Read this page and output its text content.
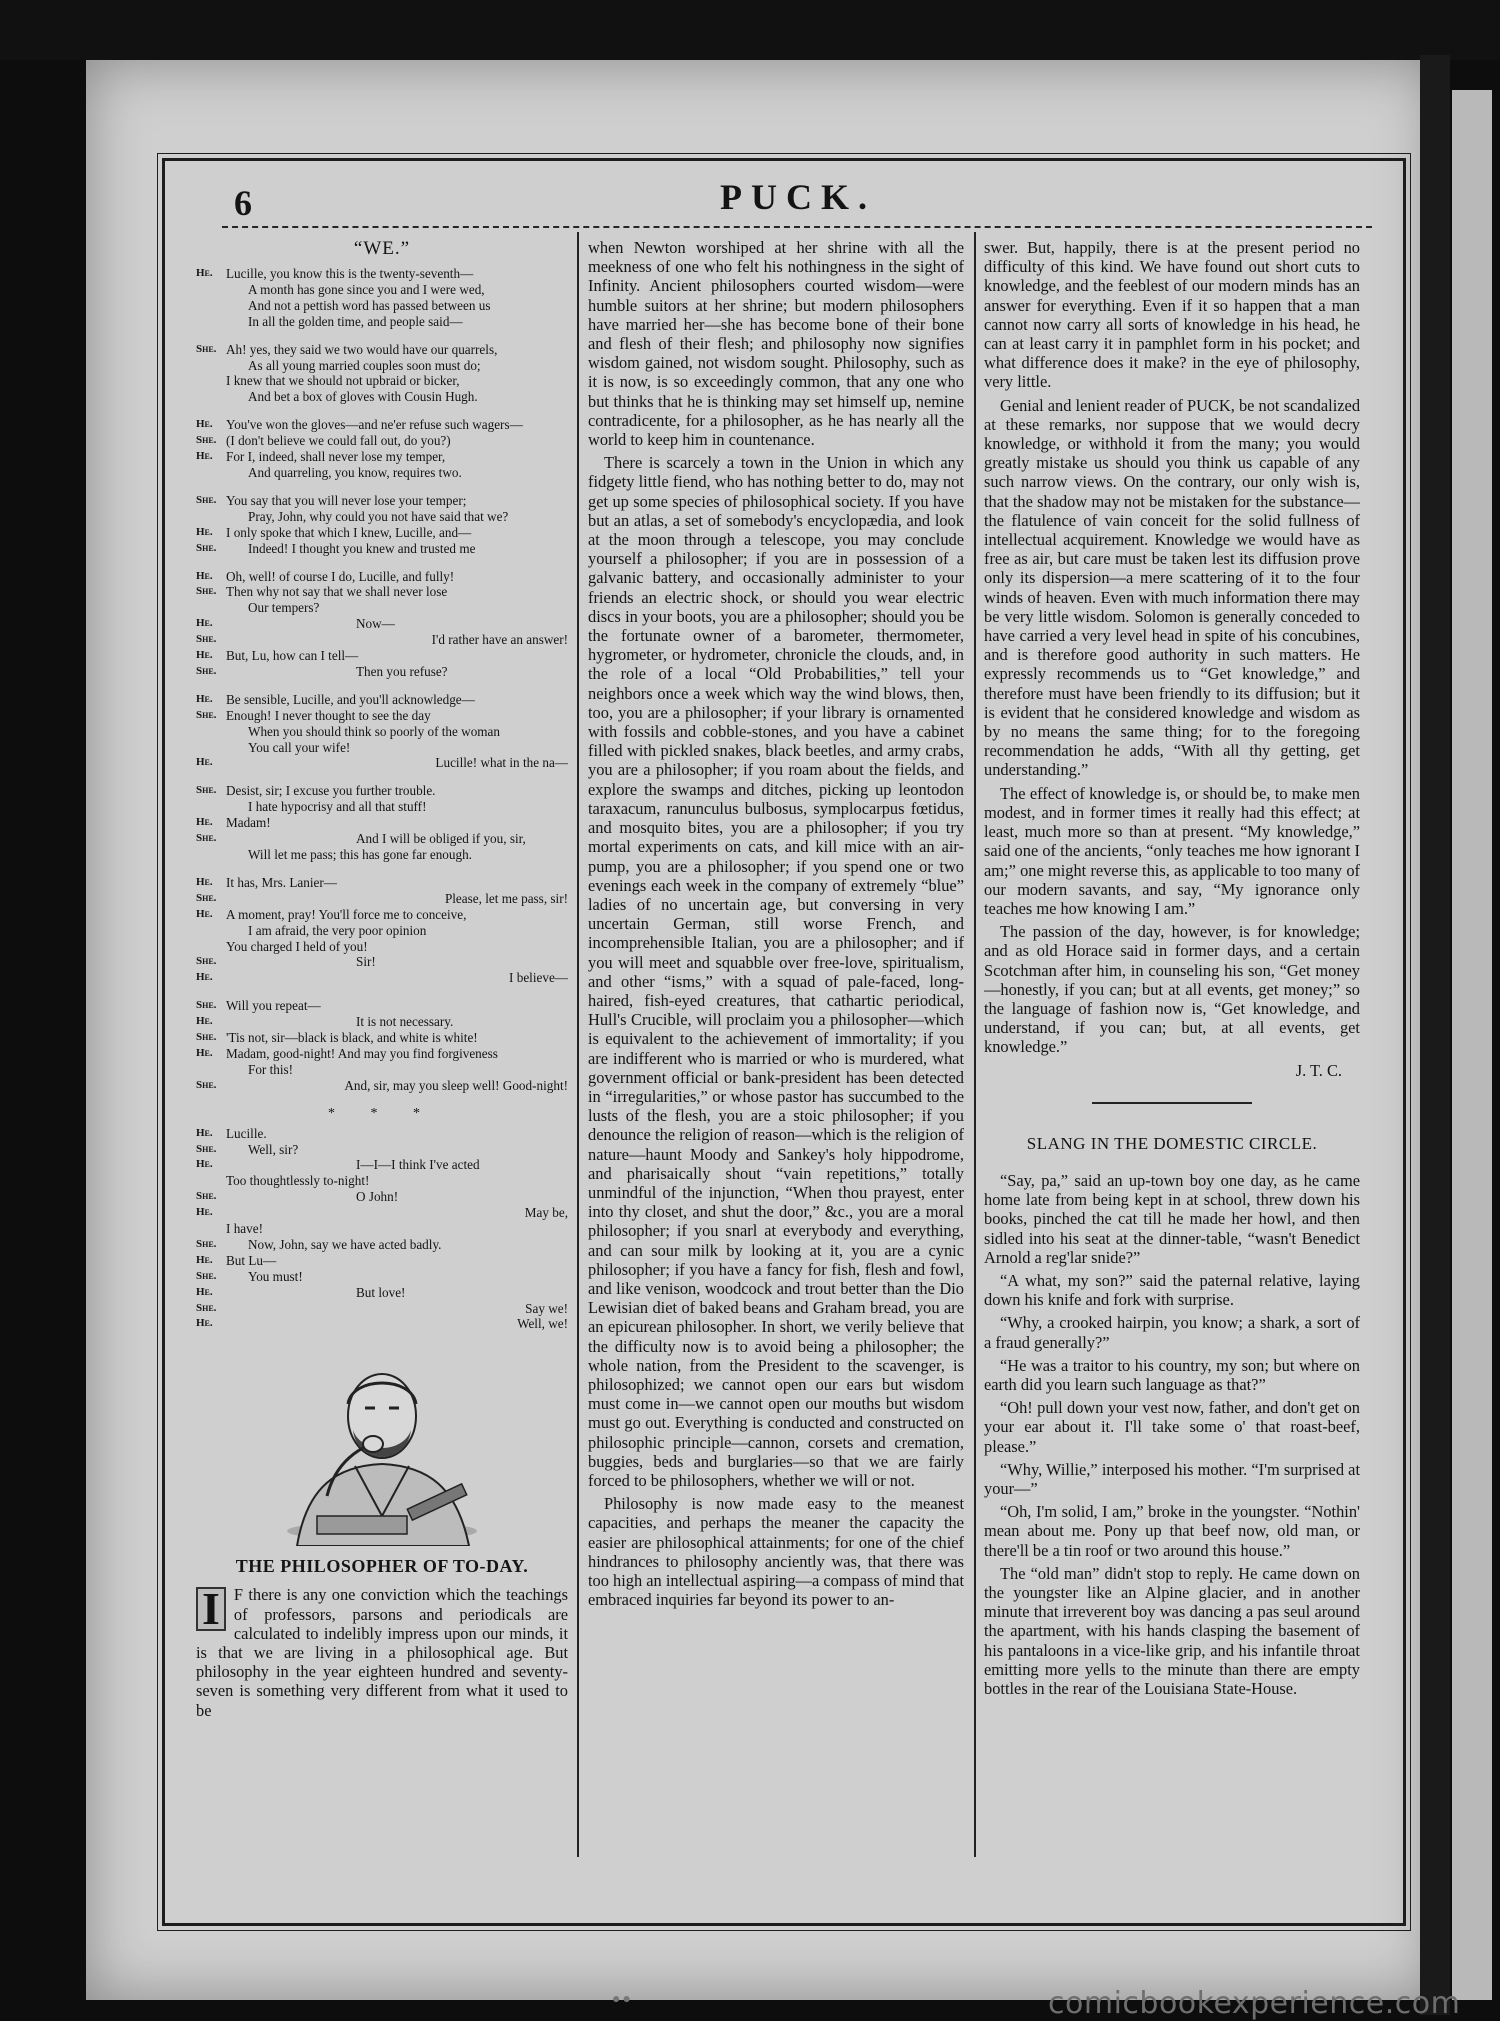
6	PUCK.
“WE.”
He.	Lucille, you know this is the twenty-seventh—
A month has gone since you and I were wed,
And not a pettish word has passed between us
In all the golden time, and people said—
She. Ah! yes, they said we two would have our quarrels,
As all young married couples soon must do;
I knew that we should not upbraid or bicker,
And bet a box of gloves with Cousin Hugh.
He.	You've won the gloves—and ne'er refuse such wagers—
She. (I don't believe we could fall out, do you?)
He.	For I, indeed, shall never lose my temper,
And quarreling, you know, requires two.
She. You say that you will never lose your temper;
Pray, John, why could you not have said that we?
He.	I only spoke that which I knew, Lucille, and—
She.	Indeed! I thought you knew and trusted me
He.	Oh, well! of course I do, Lucille, and fully!
She. Then why not say that we shall never lose
Our tempers?
He.	Now—
She.	I'd rather have an answer!
He.	But, Lu, how can I tell—
She.	Then you refuse?
He.	Be sensible, Lucille, and you'll acknowledge—
She. Enough! I never thought to see the day
When you should think so poorly of the woman
You call your wife!
He.	Lucille! what in the na—
She. Desist, sir; I excuse you further trouble.
I hate hypocrisy and all that stuff!
He.	Madam!
She.	And I will be obliged if you, sir,
Will let me pass; this has gone far enough.
He.	It has, Mrs. Lanier—
She.	Please, let me pass, sir!
He.	A moment, pray! You'll force me to conceive,
I am afraid, the very poor opinion
You charged I held of you!
She.	Sir!
He.	I believe—
She. Will you repeat—
He.	It is not necessary.
She. 'Tis not, sir—black is black, and white is white!
He.	Madam, good-night! And may you find forgiveness
For this!
She.	And, sir, may you sleep well! Good-night!
* * *
He.	Lucille.
She.	Well, sir?
He.	I—I—I think I've acted
Too thoughtlessly to-night!
She.	O John!
He.	May be,
I have!
She.	Now, John, say we have acted badly.
He.	But Lu—
She.	You must!
He.	But love!
She.	Say we!
He.	Well, we!
THE PHILOSOPHER OF TO-DAY.

I F there is any one conviction which the teachings of professors, parsons and periodicals are calculated to indelibly impress upon our minds, it is that we are living in a philosophical age. But philosophy in the year eighteen hundred and seventy-seven is something very different from what it used to be

when Newton worshiped at her shrine with all the meekness of one who felt his nothingness in the sight of Infinity. Ancient philosophers courted wisdom—were humble suitors at her shrine; but modern philosophers have married her—she has become bone of their bone and flesh of their flesh; and philosophy now signifies wisdom gained, not wisdom sought. Philosophy, such as it is now, is so exceedingly common, that any one who but thinks that he is thinking may set himself up, nemine contradicente, for a philosopher, as he has nearly all the world to keep him in countenance.

There is scarcely a town in the Union in which any fidgety little fiend, who has nothing better to do, may not get up some species of philosophical society. If you have but an atlas, a set of somebody's encyclopædia, and look at the moon through a telescope, you may conclude yourself a philosopher; if you are in possession of a galvanic battery, and occasionally administer to your friends an electric shock, or should you wear electric discs in your boots, you are a philosopher; should you be the fortunate owner of a barometer, thermometer, hygrometer, or hydrometer, chronicle the clouds, and, in the role of a local “Old Probabilities,” tell your neighbors once a week which way the wind blows, then, too, you are a philosopher; if your library is ornamented with fossils and cobble-stones, and you have a cabinet filled with pickled snakes, black beetles, and army crabs, you are a philosopher; if you roam about the fields, and explore the swamps and ditches, picking up leontodon taraxacum, ranunculus bulbosus, symplocarpus fœtidus, and mosquito bites, you are a philosopher; if you try mortal experiments on cats, and kill mice with an air-pump, you are a philosopher; if you spend one or two evenings each week in the company of extremely “blue” ladies of no uncertain age, but conversing in very uncertain German, still worse French, and incomprehensible Italian, you are a philosopher; and if you will meet and squabble over free-love, spiritualism, and other “isms,” with a squad of pale-faced, long-haired, fish-eyed creatures, that cathartic periodical, Hull's Crucible, will proclaim you a philosopher—which is equivalent to the achievement of immortality; if you are indifferent who is married or who is murdered, what government official or bank-president has been detected in “irregularities,” or whose pastor has succumbed to the lusts of the flesh, you are a stoic philosopher; if you denounce the religion of reason—which is the religion of nature—haunt Moody and Sankey's holy hippodrome, and pharisaically shout “vain repetitions,” totally unmindful of the injunction, “When thou prayest, enter into thy closet, and shut the door,” &c., you are a moral philosopher; if you snarl at everybody and everything, and can sour milk by looking at it, you are a cynic philosopher; if you have a fancy for fish, flesh and fowl, and like venison, woodcock and trout better than the Dio Lewisian diet of baked beans and Graham bread, you are an epicurean philosopher. In short, we verily believe that the difficulty now is to avoid being a philosopher; the whole nation, from the President to the scavenger, is philosophized; we cannot open our ears but wisdom must come in—we cannot open our mouths but wisdom must go out. Everything is conducted and constructed on philosophic principle—cannon, corsets and cremation, buggies, beds and burglaries—so that we are fairly forced to be philosophers, whether we will or not.

Philosophy is now made easy to the meanest capacities, and perhaps the meaner the capacity the easier are philosophical attainments; for one of the chief hindrances to philosophy anciently was, that there was too high an intellectual aspiring—a compass of mind that embraced inquiries far beyond its power to an-

swer. But, happily, there is at the present period no difficulty of this kind. We have found out short cuts to knowledge, and the feeblest of our modern minds has an answer for everything. Even if it so happen that a man cannot now carry all sorts of knowledge in his head, he can at least carry it in pamphlet form in his pocket; and what difference does it make? in the eye of philosophy, very little.

Genial and lenient reader of PUCK, be not scandalized at these remarks, nor suppose that we would decry knowledge, or withhold it from the many; you would greatly mistake us should you think us capable of any such narrow views. On the contrary, our only wish is, that the shadow may not be mistaken for the substance—the flatulence of vain conceit for the solid fullness of intellectual acquirement. Knowledge we would have as free as air, but care must be taken lest its diffusion prove only its dispersion—a mere scattering of it to the four winds of heaven. Even with much information there may be very little wisdom. Solomon is generally conceded to have carried a very level head in spite of his concubines, and is therefore good authority in such matters. He expressly recommends us to “Get knowledge,” and therefore must have been friendly to its diffusion; but it is evident that he considered knowledge and wisdom as by no means the same thing; for to the foregoing recommendation he adds, “With all thy getting, get understanding.”

The effect of knowledge is, or should be, to make men modest, and in former times it really had this effect; at least, much more so than at present. “My knowledge,” said one of the ancients, “only teaches me how ignorant I am;” one might reverse this, as applicable to too many of our modern savants, and say, “My ignorance only teaches me how knowing I am.”

The passion of the day, however, is for knowledge; and as old Horace said in former days, and a certain Scotchman after him, in counseling his son, “Get money—honestly, if you can; but at all events, get money;” so the language of fashion now is, “Get knowledge, and understand, if you can; but, at all events, get knowledge.”

J. T. C.
SLANG IN THE DOMESTIC CIRCLE.

“Say, pa,” said an up-town boy one day, as he came home late from being kept in at school, threw down his books, pinched the cat till he made her howl, and then sidled into his seat at the dinner-table, “wasn't Benedict Arnold a reg'lar snide?”

“A what, my son?” said the paternal relative, laying down his knife and fork with surprise.

“Why, a crooked hairpin, you know; a shark, a sort of a fraud generally?”

“He was a traitor to his country, my son; but where on earth did you learn such language as that?”

“Oh! pull down your vest now, father, and don't get on your ear about it. I'll take some o' that roast-beef, please.”

“Why, Willie,” interposed his mother. “I'm surprised at your—”

“Oh, I'm solid, I am,” broke in the youngster. “Nothin' mean about me. Pony up that beef now, old man, or there'll be a tin roof or two around this house.”

The “old man” didn't stop to reply. He came down on the youngster like an Alpine glacier, and in another minute that irreverent boy was dancing a pas seul around the apartment, with his hands clasping the basement of his pantaloons in a vice-like grip, and his infantile throat emitting more yells to the minute than there are empty bottles in the rear of the Louisiana State-House.

●●	comicbookexperience.com
